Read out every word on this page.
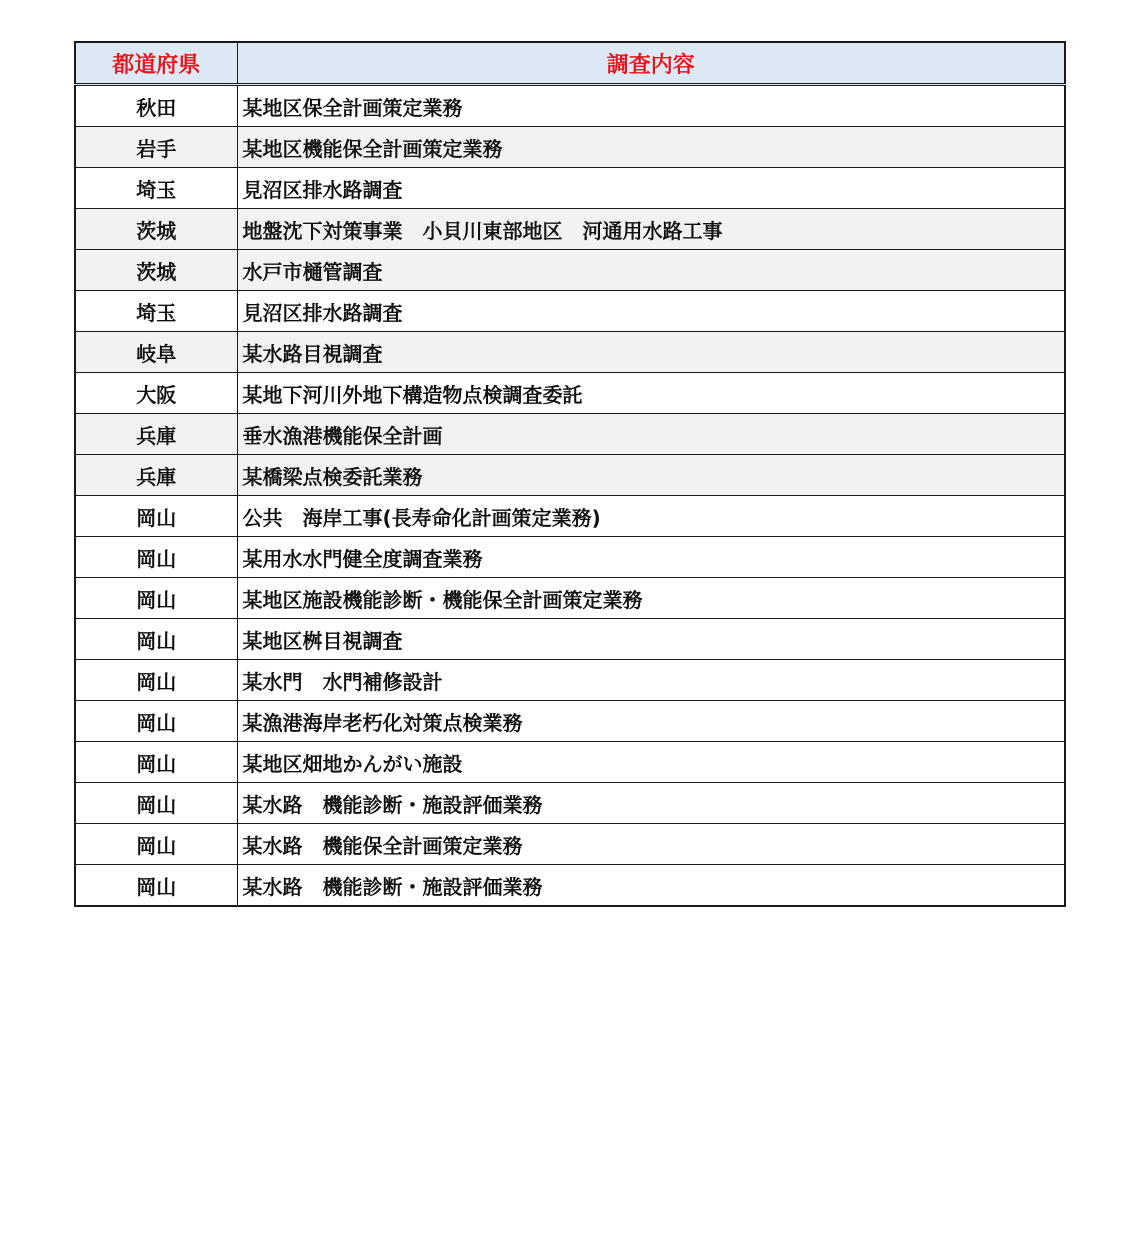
都道府県	調査内容
秋田	某地区保全計画策定業務
岩手	某地区機能保全計画策定業務
埼玉	見沼区排水路調査
茨城	地盤沈下対策事業　小貝川東部地区　河通用水路工事
茨城	水戸市樋管調査
埼玉	見沼区排水路調査
岐阜	某水路目視調査
大阪	某地下河川外地下構造物点検調査委託
兵庫	垂水漁港機能保全計画
兵庫	某橋梁点検委託業務
岡山	公共　海岸工事(長寿命化計画策定業務)
岡山	某用水水門健全度調査業務
岡山	某地区施設機能診断・機能保全計画策定業務
岡山	某地区桝目視調査
岡山	某水門　水門補修設計
岡山	某漁港海岸老朽化対策点検業務
岡山	某地区畑地かんがい施設
岡山	某水路　機能診断・施設評価業務
岡山	某水路　機能保全計画策定業務
岡山	某水路　機能診断・施設評価業務
